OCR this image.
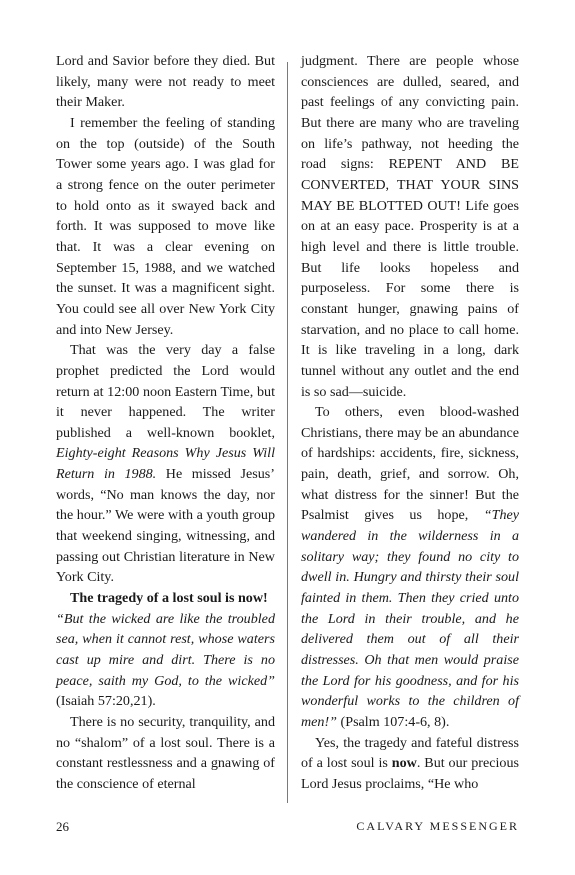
Lord and Savior before they died. But likely, many were not ready to meet their Maker.

I remember the feeling of standing on the top (outside) of the South Tower some years ago. I was glad for a strong fence on the outer perimeter to hold onto as it swayed back and forth. It was supposed to move like that. It was a clear evening on September 15, 1988, and we watched the sunset. It was a magnificent sight. You could see all over New York City and into New Jersey.

That was the very day a false prophet predicted the Lord would return at 12:00 noon Eastern Time, but it never happened. The writer published a well-known booklet, Eighty-eight Reasons Why Jesus Will Return in 1988. He missed Jesus’ words, “No man knows the day, nor the hour.” We were with a youth group that weekend singing, witnessing, and passing out Christian literature in New York City.

The tragedy of a lost soul is now!

“But the wicked are like the troubled sea, when it cannot rest, whose waters cast up mire and dirt. There is no peace, saith my God, to the wicked” (Isaiah 57:20,21).

There is no security, tranquility, and no “shalom” of a lost soul. There is a constant restlessness and a gnawing of the conscience of eternal

judgment. There are people whose consciences are dulled, seared, and past feelings of any convicting pain. But there are many who are traveling on life’s pathway, not heeding the road signs: REPENT AND BE CONVERTED, THAT YOUR SINS MAY BE BLOTTED OUT! Life goes on at an easy pace. Prosperity is at a high level and there is little trouble. But life looks hopeless and purposeless. For some there is constant hunger, gnawing pains of starvation, and no place to call home. It is like traveling in a long, dark tunnel without any outlet and the end is so sad—suicide.

To others, even blood-washed Christians, there may be an abundance of hardships: accidents, fire, sickness, pain, death, grief, and sorrow. Oh, what distress for the sinner! But the Psalmist gives us hope, “They wandered in the wilderness in a solitary way; they found no city to dwell in. Hungry and thirsty their soul fainted in them. Then they cried unto the Lord in their trouble, and he delivered them out of all their distresses. Oh that men would praise the Lord for his goodness, and for his wonderful works to the children of men!” (Psalm 107:4-6, 8).

Yes, the tragedy and fateful distress of a lost soul is now. But our precious Lord Jesus proclaims, “He who

26	CALVARY MESSENGER
